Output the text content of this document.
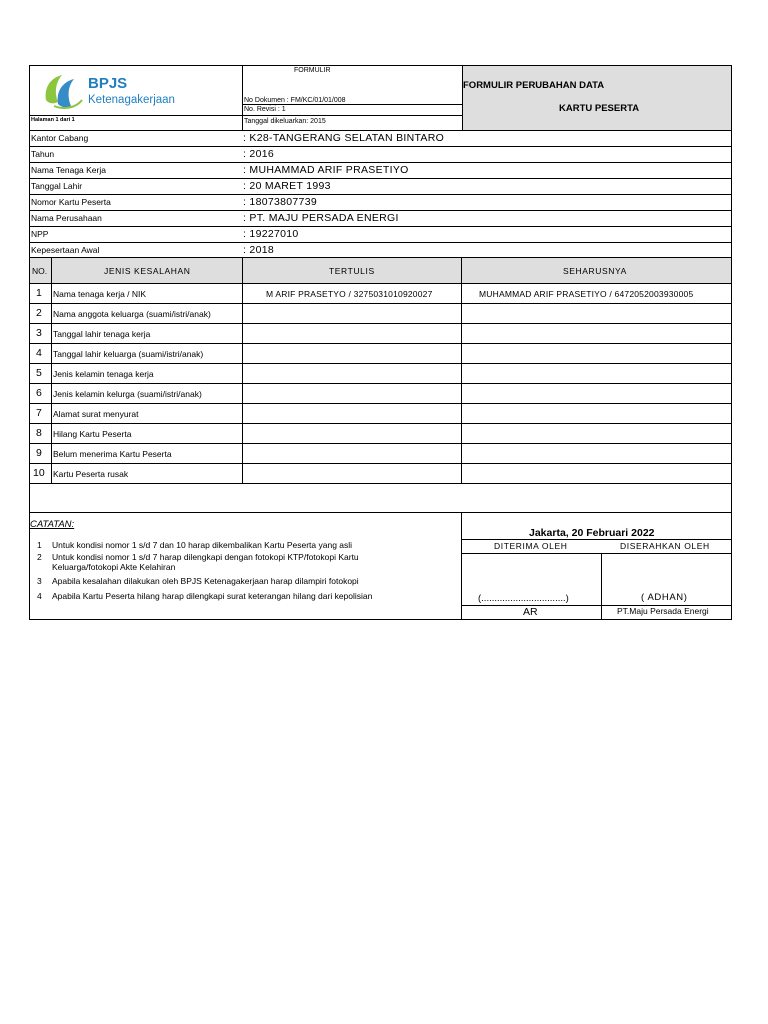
BPJS
Ketenagakerjaan
Halaman 1 dari 1
FORMULIR
No Dokumen : FM/KC/01/01/008
No. Revisi : 1
Tanggal dikeluarkan: 2015
FORMULIR PERUBAHAN DATA
KARTU PESERTA
Kantor Cabang	: K28-TANGERANG SELATAN BINTARO
Tahun	: 2016
Nama Tenaga Kerja	: MUHAMMAD ARIF PRASETIYO
Tanggal Lahir	: 20 MARET 1993
Nomor Kartu Peserta	: 18073807739
Nama Perusahaan	: PT. MAJU PERSADA ENERGI
NPP	: 19227010
Kepesertaan Awal	: 2018
NO.	JENIS KESALAHAN	TERTULIS	SEHARUSNYA
1 Nama tenaga kerja / NIK	M ARIF PRASETYO / 3275031010920027	MUHAMMAD ARIF PRASETIYO / 6472052003930005
2 Nama anggota keluarga (suami/istri/anak)
3 Tanggal lahir tenaga kerja
4 Tanggal lahir keluarga (suami/istri/anak)
5 Jenis kelamin tenaga kerja
6 Jenis kelamin kelurga (suami/istri/anak)
7 Alamat surat menyurat
8 Hilang Kartu Peserta
9 Belum menerima Kartu Peserta
10 Kartu Peserta rusak
CATATAN:
1 Untuk kondisi nomor 1 s/d 7 dan 10 harap dikembalikan Kartu Peserta yang asli
2 Untuk kondisi nomor 1 s/d 7 harap dilengkapi dengan fotokopi KTP/fotokopi Kartu
Keluarga/fotokopi Akte Kelahiran
3 Apabila kesalahan dilakukan oleh BPJS Ketenagakerjaan harap dilampiri fotokopi
4 Apabila Kartu Peserta hilang harap dilengkapi surat keterangan hilang dari kepolisian
Jakarta, 20 Februari 2022
DITERIMA OLEH	DISERAHKAN OLEH
(................................)	( ADHAN)
AR	PT.Maju Persada Energi
